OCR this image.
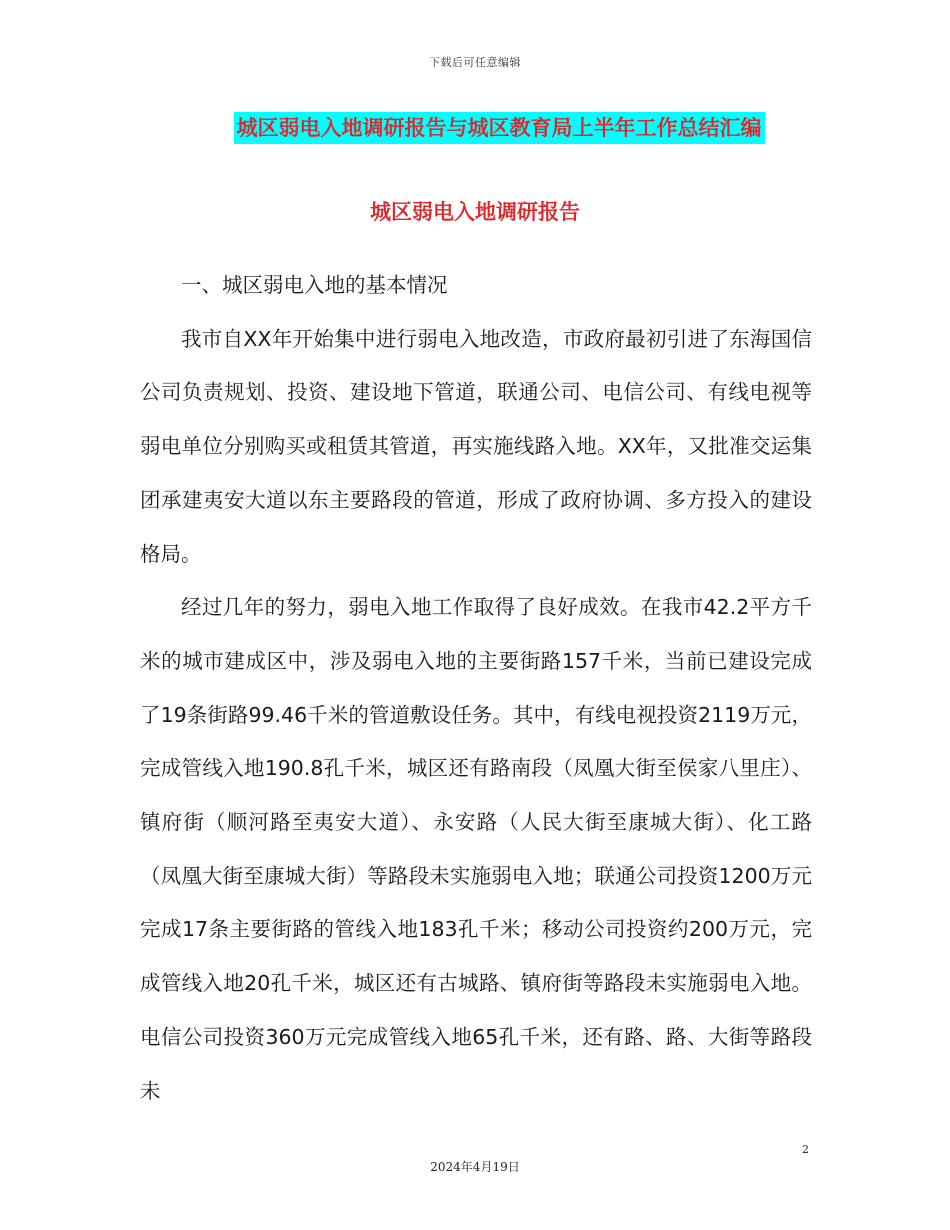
下载后可任意编辑
城区弱电入地调研报告与城区教育局上半年工作总结汇编
城区弱电入地调研报告

一、城区弱电入地的基本情况

我市自XX年开始集中进行弱电入地改造，市政府最初引进了东海国信公司负责规划、投资、建设地下管道，联通公司、电信公司、有线电视等弱电单位分别购买或租赁其管道，再实施线路入地。XX年，又批准交运集团承建夷安大道以东主要路段的管道，形成了政府协调、多方投入的建设格局。

经过几年的努力，弱电入地工作取得了良好成效。在我市42.2平方千米的城市建成区中，涉及弱电入地的主要街路157千米，当前已建设完成了19条街路99.46千米的管道敷设任务。其中，有线电视投资2119万元，完成管线入地190.8孔千米，城区还有路南段（凤凰大街至侯家八里庄）、镇府街（顺河路至夷安大道）、永安路（人民大街至康城大街）、化工路（凤凰大街至康城大街）等路段未实施弱电入地；联通公司投资1200万元完成17条主要街路的管线入地183孔千米；移动公司投资约200万元，完成管线入地20孔千米，城区还有古城路、镇府街等路段未实施弱电入地。电信公司投资360万元完成管线入地65孔千米，还有路、路、大街等路段未

2
2024年4月19日
